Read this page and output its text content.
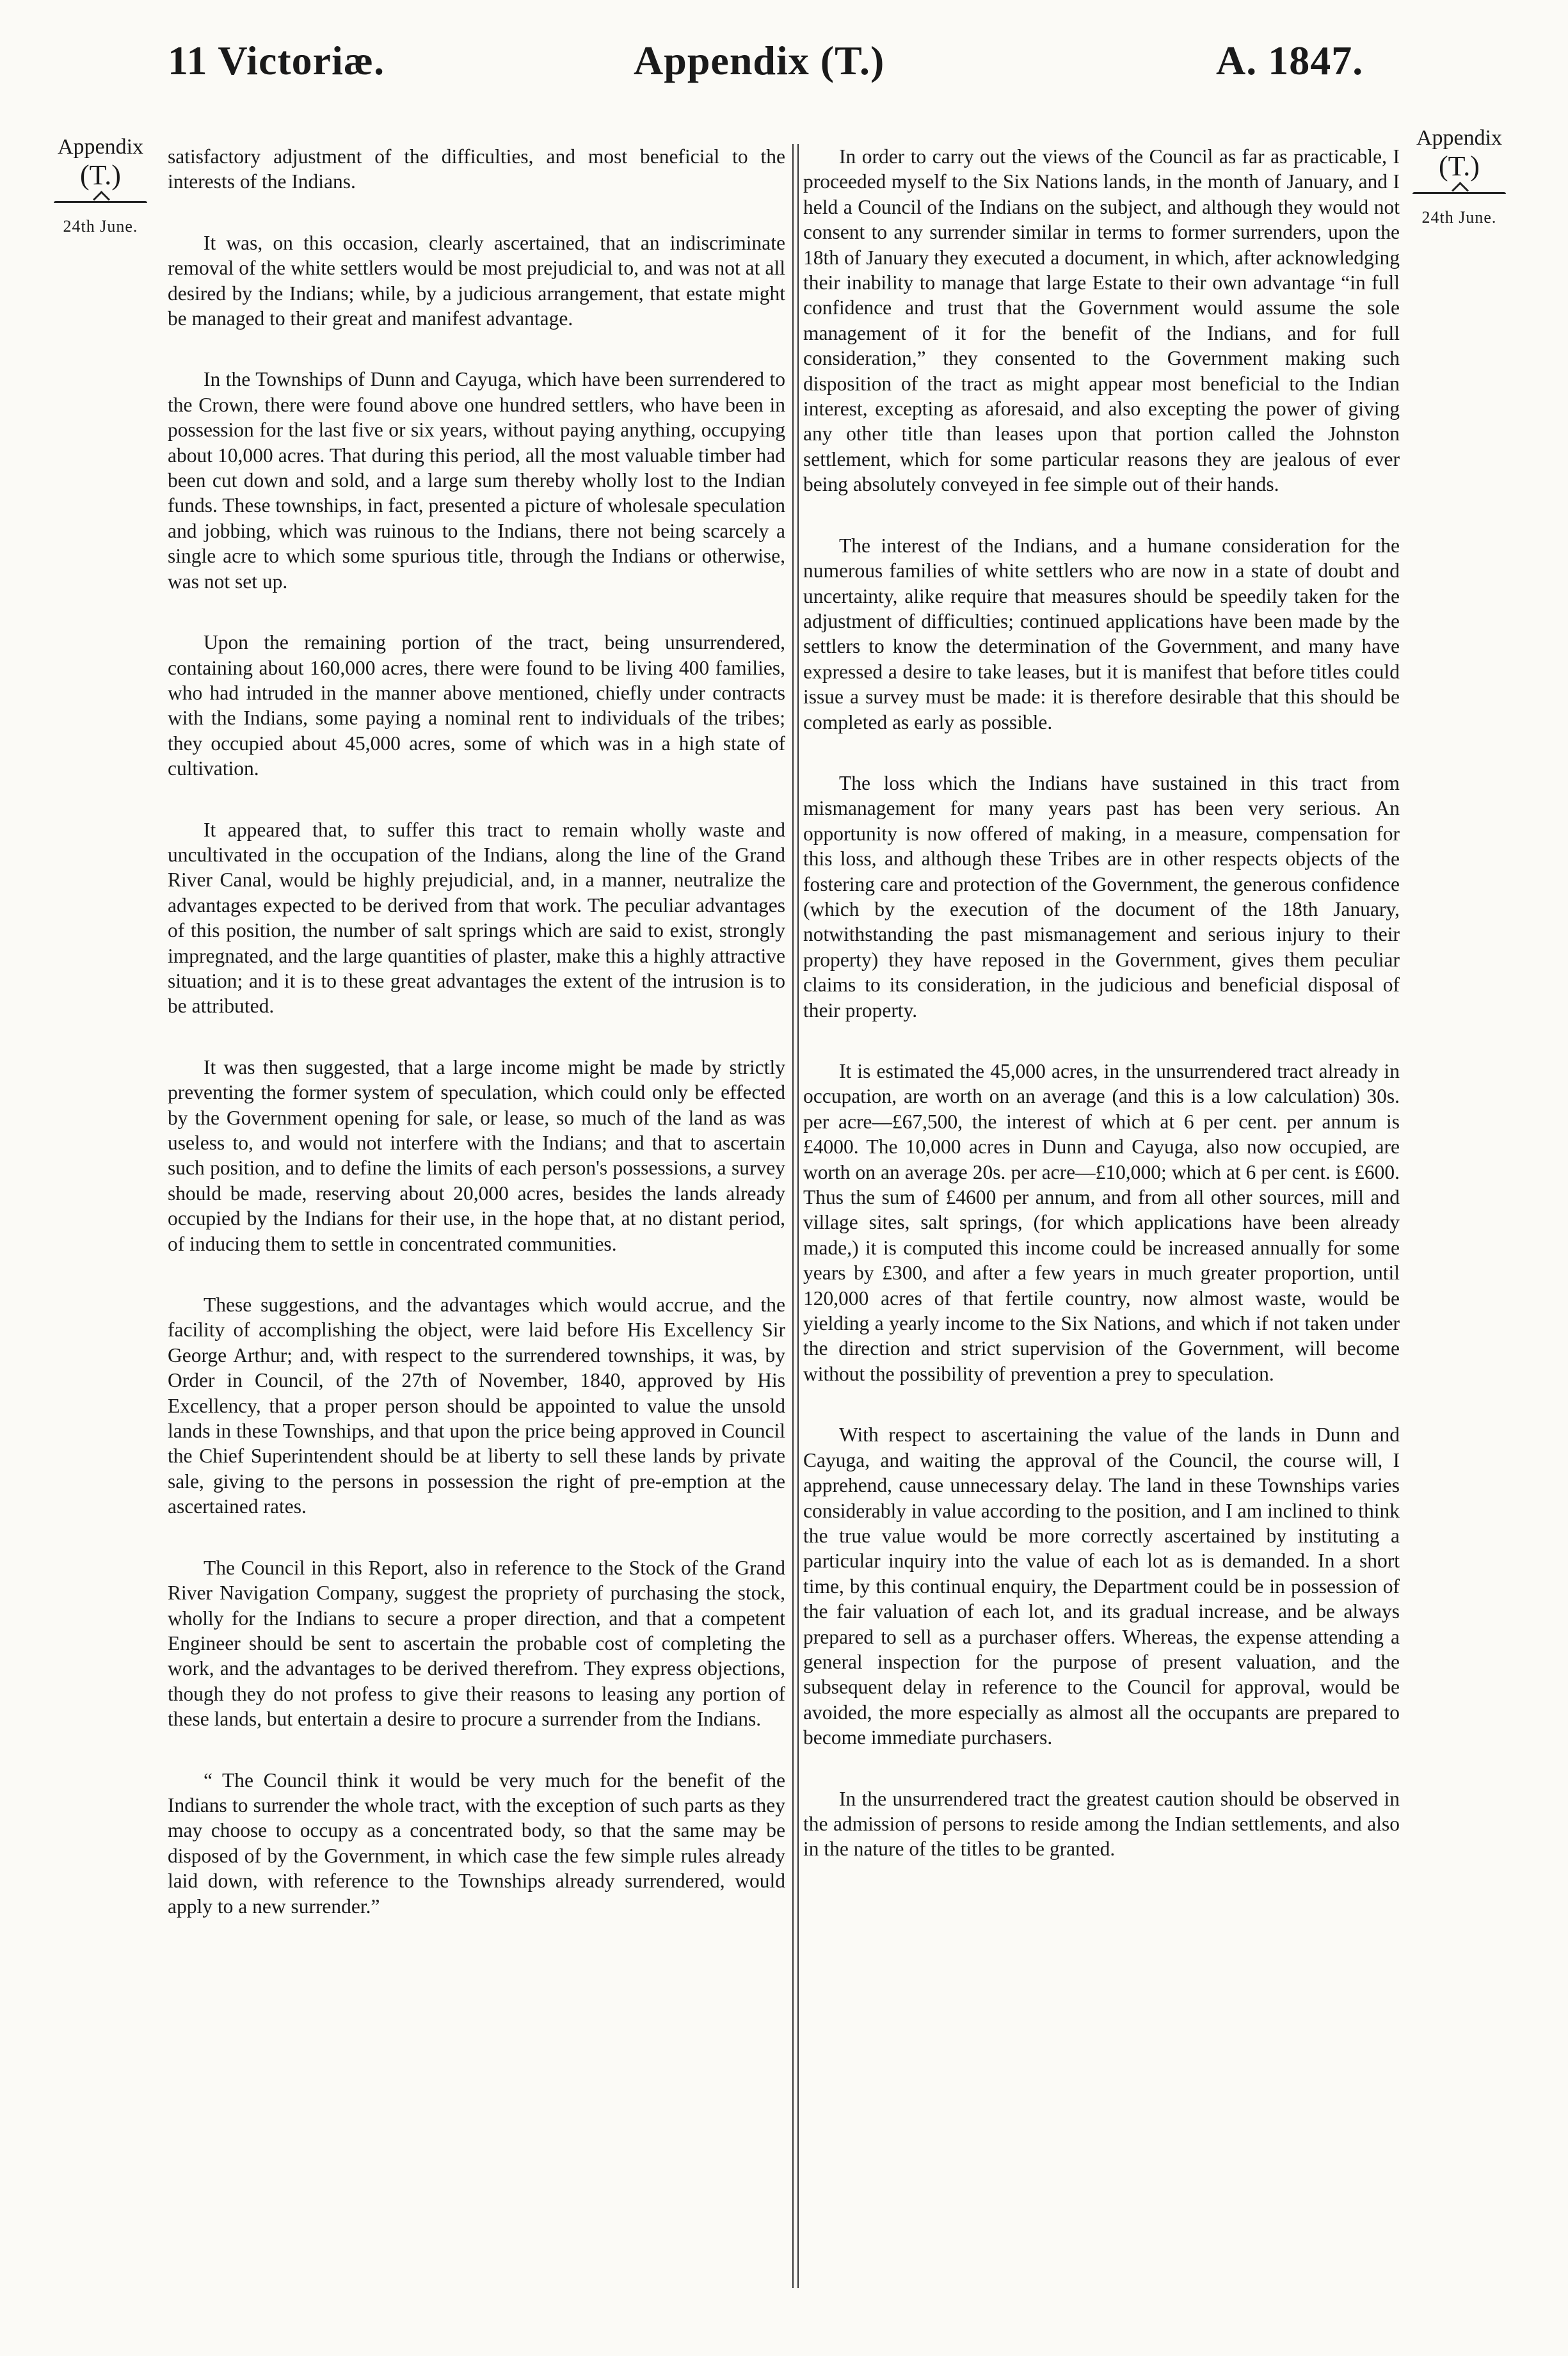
11 Victoriæ.	Appendix (T.)	A. 1847.
Appendix
(T.)
24th June.
Appendix
(T.)
24th June.

satisfactory adjustment of the difficulties, and most beneficial to the interests of the Indians.

It was, on this occasion, clearly ascertained, that an indiscriminate removal of the white settlers would be most prejudicial to, and was not at all desired by the Indians; while, by a judicious arrangement, that estate might be managed to their great and manifest advantage.

In the Townships of Dunn and Cayuga, which have been surrendered to the Crown, there were found above one hundred settlers, who have been in possession for the last five or six years, without paying anything, occupying about 10,000 acres. That during this period, all the most valuable timber had been cut down and sold, and a large sum thereby wholly lost to the Indian funds. These townships, in fact, presented a picture of wholesale speculation and jobbing, which was ruinous to the Indians, there not being scarcely a single acre to which some spurious title, through the Indians or otherwise, was not set up.

Upon the remaining portion of the tract, being unsurrendered, containing about 160,000 acres, there were found to be living 400 families, who had intruded in the manner above mentioned, chiefly under contracts with the Indians, some paying a nominal rent to individuals of the tribes; they occupied about 45,000 acres, some of which was in a high state of cultivation.

It appeared that, to suffer this tract to remain wholly waste and uncultivated in the occupation of the Indians, along the line of the Grand River Canal, would be highly prejudicial, and, in a manner, neutralize the advantages expected to be derived from that work. The peculiar advantages of this position, the number of salt springs which are said to exist, strongly impregnated, and the large quantities of plaster, make this a highly attractive situation; and it is to these great advantages the extent of the intrusion is to be attributed.

It was then suggested, that a large income might be made by strictly preventing the former system of speculation, which could only be effected by the Government opening for sale, or lease, so much of the land as was useless to, and would not interfere with the Indians; and that to ascertain such position, and to define the limits of each person's possessions, a survey should be made, reserving about 20,000 acres, besides the lands already occupied by the Indians for their use, in the hope that, at no distant period, of inducing them to settle in concentrated communities.

These suggestions, and the advantages which would accrue, and the facility of accomplishing the object, were laid before His Excellency Sir George Arthur; and, with respect to the surrendered townships, it was, by Order in Council, of the 27th of November, 1840, approved by His Excellency, that a proper person should be appointed to value the unsold lands in these Townships, and that upon the price being approved in Council the Chief Superintendent should be at liberty to sell these lands by private sale, giving to the persons in possession the right of pre-emption at the ascertained rates.

The Council in this Report, also in reference to the Stock of the Grand River Navigation Company, suggest the propriety of purchasing the stock, wholly for the Indians to secure a proper direction, and that a competent Engineer should be sent to ascertain the probable cost of completing the work, and the advantages to be derived therefrom. They express objections, though they do not profess to give their reasons to leasing any portion of these lands, but entertain a desire to procure a surrender from the Indians.

“ The Council think it would be very much for the benefit of the Indians to surrender the whole tract, with the exception of such parts as they may choose to occupy as a concentrated body, so that the same may be disposed of by the Government, in which case the few simple rules already laid down, with reference to the Townships already surrendered, would apply to a new surrender.”

In order to carry out the views of the Council as far as practicable, I proceeded myself to the Six Nations lands, in the month of January, and I held a Council of the Indians on the subject, and although they would not consent to any surrender similar in terms to former surrenders, upon the 18th of January they executed a document, in which, after acknowledging their inability to manage that large Estate to their own advantage “in full confidence and trust that the Government would assume the sole management of it for the benefit of the Indians, and for full consideration,” they consented to the Government making such disposition of the tract as might appear most beneficial to the Indian interest, excepting as aforesaid, and also excepting the power of giving any other title than leases upon that portion called the Johnston settlement, which for some particular reasons they are jealous of ever being absolutely conveyed in fee simple out of their hands.

The interest of the Indians, and a humane consideration for the numerous families of white settlers who are now in a state of doubt and uncertainty, alike require that measures should be speedily taken for the adjustment of difficulties; continued applications have been made by the settlers to know the determination of the Government, and many have expressed a desire to take leases, but it is manifest that before titles could issue a survey must be made: it is therefore desirable that this should be completed as early as possible.

The loss which the Indians have sustained in this tract from mismanagement for many years past has been very serious. An opportunity is now offered of making, in a measure, compensation for this loss, and although these Tribes are in other respects objects of the fostering care and protection of the Government, the generous confidence (which by the execution of the document of the 18th January, notwithstanding the past mismanagement and serious injury to their property) they have reposed in the Government, gives them peculiar claims to its consideration, in the judicious and beneficial disposal of their property.

It is estimated the 45,000 acres, in the unsurrendered tract already in occupation, are worth on an average (and this is a low calculation) 30s. per acre—£67,500, the interest of which at 6 per cent. per annum is £4000. The 10,000 acres in Dunn and Cayuga, also now occupied, are worth on an average 20s. per acre—£10,000; which at 6 per cent. is £600. Thus the sum of £4600 per annum, and from all other sources, mill and village sites, salt springs, (for which applications have been already made,) it is computed this income could be increased annually for some years by £300, and after a few years in much greater proportion, until 120,000 acres of that fertile country, now almost waste, would be yielding a yearly income to the Six Nations, and which if not taken under the direction and strict supervision of the Government, will become without the possibility of prevention a prey to speculation.

With respect to ascertaining the value of the lands in Dunn and Cayuga, and waiting the approval of the Council, the course will, I apprehend, cause unnecessary delay. The land in these Townships varies considerably in value according to the position, and I am inclined to think the true value would be more correctly ascertained by instituting a particular inquiry into the value of each lot as is demanded. In a short time, by this continual enquiry, the Department could be in possession of the fair valuation of each lot, and its gradual increase, and be always prepared to sell as a purchaser offers. Whereas, the expense attending a general inspection for the purpose of present valuation, and the subsequent delay in reference to the Council for approval, would be avoided, the more especially as almost all the occupants are prepared to become immediate purchasers.

In the unsurrendered tract the greatest caution should be observed in the admission of persons to reside among the Indian settlements, and also in the nature of the titles to be granted.
